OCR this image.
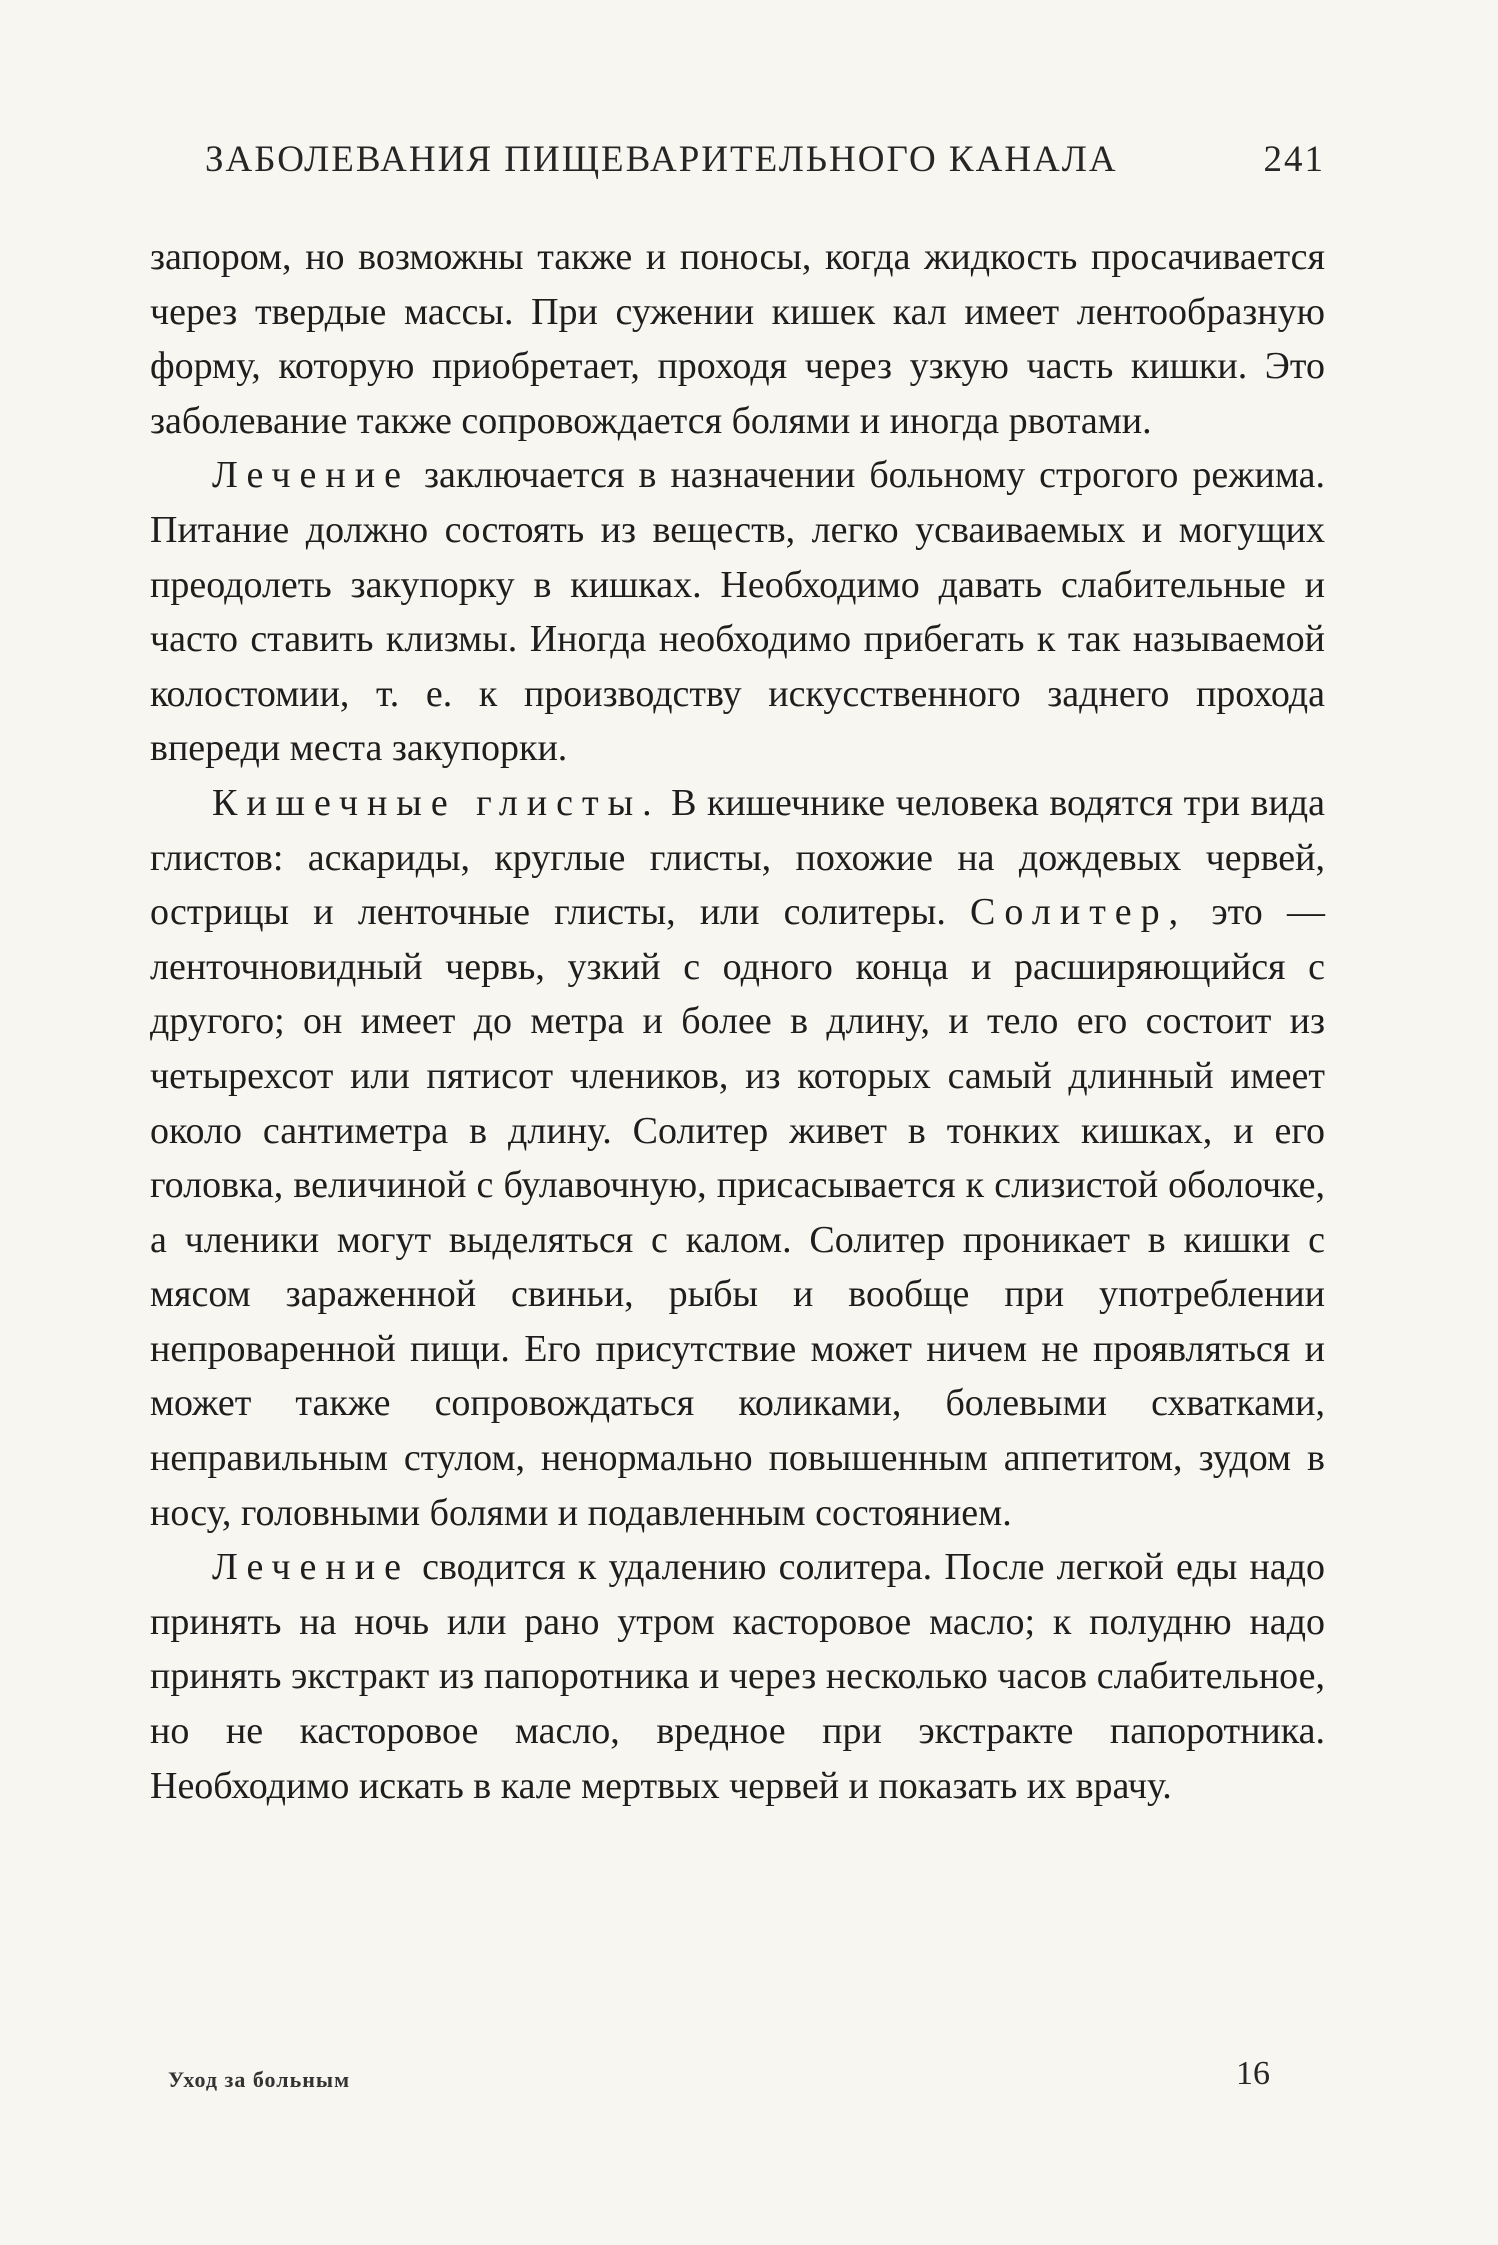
ЗАБОЛЕВАНИЯ ПИЩЕВАРИТЕЛЬНОГО КАНАЛА	241

запором, но возможны также и поносы, когда жидкость просачивается через твердые массы. При сужении кишек кал имеет лентообразную форму, которую приобретает, проходя через узкую часть кишки. Это заболевание также сопровождается болями и иногда рвотами.

Лечение заключается в назначении больному строгого режима. Питание должно состоять из веществ, легко усваиваемых и могущих преодолеть закупорку в кишках. Необходимо давать слабительные и часто ставить клизмы. Иногда необходимо прибегать к так называемой колостомии, т. е. к производству искусственного заднего прохода впереди места закупорки.

Кишечные глисты. В кишечнике человека водятся три вида глистов: аскариды, круглые глисты, похожие на дождевых червей, острицы и ленточные глисты, или солитеры. Солитер, это — ленточновидный червь, узкий с одного конца и расширяющийся с другого; он имеет до метра и более в длину, и тело его состоит из четырехсот или пятисот члеников, из которых самый длинный имеет около сантиметра в длину. Солитер живет в тонких кишках, и его головка, величиной с булавочную, присасывается к слизистой оболочке, а членики могут выделяться с калом. Солитер проникает в кишки с мясом зараженной свиньи, рыбы и вообще при употреблении непроваренной пищи. Его присутствие может ничем не проявляться и может также сопровождаться коликами, болевыми схватками, неправильным стулом, ненормально повышенным аппетитом, зудом в носу, головными болями и подавленным состоянием.

Лечение сводится к удалению солитера. После легкой еды надо принять на ночь или рано утром касторовое масло; к полудню надо принять экстракт из папоротника и через несколько часов слабительное, но не касторовое масло, вредное при экстракте папоротника. Необходимо искать в кале мертвых червей и показать их врачу.

Уход за больным	16
